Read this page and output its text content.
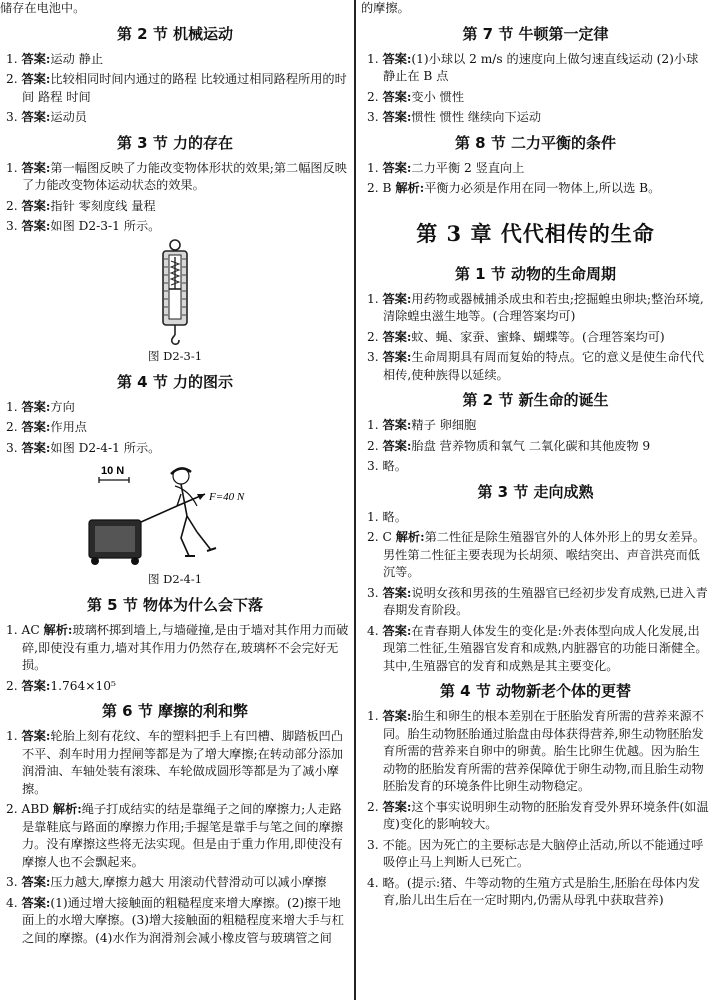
储存在电池中。
第 2 节 机械运动
1. 答案:运动 静止
2. 答案:比较相同时间内通过的路程 比较通过相同路程所用的时间 路程 时间
3. 答案:运动员
第 3 节 力的存在
1. 答案:第一幅图反映了力能改变物体形状的效果;第二幅图反映了力能改变物体运动状态的效果。
2. 答案:指针 零刻度线 量程
3. 答案:如图 D2-3-1 所示。
图 D2-3-1
第 4 节 力的图示
1. 答案:方向
2. 答案:作用点
3. 答案:如图 D2-4-1 所示。
10 N
F=40 N
图 D2-4-1
第 5 节 物体为什么会下落
1. AC 解析:玻璃杯掷到墙上,与墙碰撞,是由于墙对其作用力而破碎,即使没有重力,墙对其作用力仍然存在,玻璃杯不会完好无损。
2. 答案:1.764×10⁵
第 6 节 摩擦的利和弊
1. 答案:轮胎上刻有花纹、车的塑料把手上有凹槽、脚踏板凹凸不平、刹车时用力捏闸等都是为了增大摩擦;在转动部分添加润滑油、车轴处装有滚珠、车轮做成圆形等都是为了减小摩擦。
2. ABD 解析:绳子打成结实的结是靠绳子之间的摩擦力;人走路是靠鞋底与路面的摩擦力作用;手握笔是靠手与笔之间的摩擦力。没有摩擦这些将无法实现。但是由于重力作用,即使没有摩擦人也不会飘起来。
3. 答案:压力越大,摩擦力越大 用滚动代替滑动可以减小摩擦
4. 答案:(1)通过增大接触面的粗糙程度来增大摩擦。(2)擦干地面上的水增大摩擦。(3)增大接触面的粗糙程度来增大手与杠之间的摩擦。(4)水作为润滑剂会减小橡皮管与玻璃管之间
的摩擦。
第 7 节 牛顿第一定律
1. 答案:(1)小球以 2 m/s 的速度向上做匀速直线运动 (2)小球静止在 B 点
2. 答案:变小 惯性
3. 答案:惯性 惯性 继续向下运动
第 8 节 二力平衡的条件
1. 答案:二力平衡 2 竖直向上
2. B 解析:平衡力必须是作用在同一物体上,所以选 B。
第 3 章 代代相传的生命
第 1 节 动物的生命周期
1. 答案:用药物或器械捕杀成虫和若虫;挖掘蝗虫卵块;整治环境,清除蝗虫滋生地等。(合理答案均可)
2. 答案:蚊、蝇、家蚕、蜜蜂、蝴蝶等。(合理答案均可)
3. 答案:生命周期具有周而复始的特点。它的意义是使生命代代相传,使种族得以延续。
第 2 节 新生命的诞生
1. 答案:精子 卵细胞
2. 答案:胎盘 营养物质和氧气 二氧化碳和其他废物 9
3. 略。
第 3 节 走向成熟
1. 略。
2. C 解析:第二性征是除生殖器官外的人体外形上的男女差异。男性第二性征主要表现为长胡须、喉结突出、声音洪亮而低沉等。
3. 答案:说明女孩和男孩的生殖器官已经初步发育成熟,已进入青春期发育阶段。
4. 答案:在青春期人体发生的变化是:外表体型向成人化发展,出现第二性征,生殖器官发育和成熟,内脏器官的功能日渐健全。其中,生殖器官的发育和成熟是其主要变化。
第 4 节 动物新老个体的更替
1. 答案:胎生和卵生的根本差别在于胚胎发育所需的营养来源不同。胎生动物胚胎通过胎盘由母体获得营养,卵生动物胚胎发育所需的营养来自卵中的卵黄。胎生比卵生优越。因为胎生动物的胚胎发育所需的营养保障优于卵生动物,而且胎生动物胚胎发育的环境条件比卵生动物稳定。
2. 答案:这个事实说明卵生动物的胚胎发育受外界环境条件(如温度)变化的影响较大。
3. 不能。因为死亡的主要标志是大脑停止活动,所以不能通过呼吸停止马上判断人已死亡。
4. 略。(提示:猪、牛等动物的生殖方式是胎生,胚胎在母体内发育,胎儿出生后在一定时期内,仍需从母乳中获取营养)
